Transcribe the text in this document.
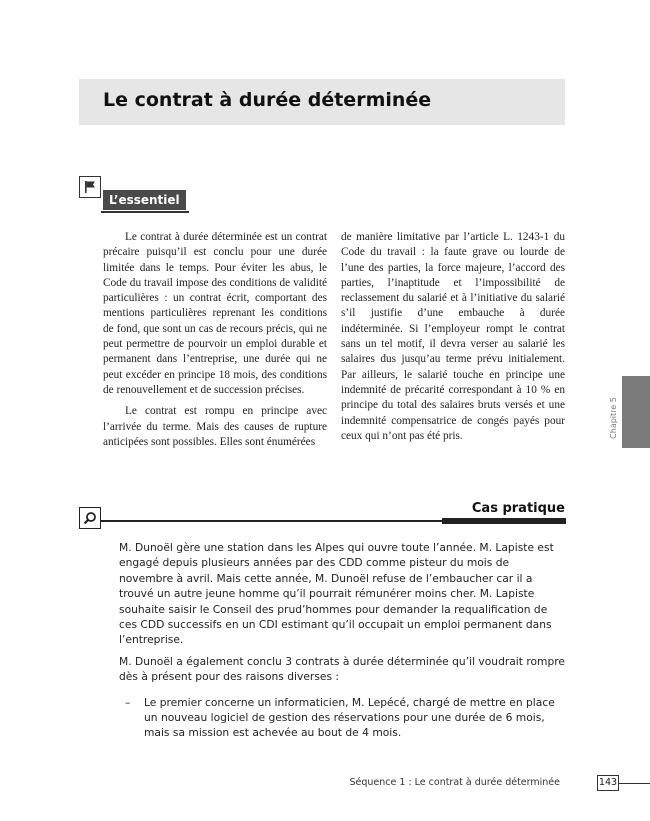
Le contrat à durée déterminée
L’essentiel

Le contrat à durée déterminée est un contrat précaire puisqu’il est conclu pour une durée limitée dans le temps. Pour éviter les abus, le Code du travail impose des conditions de validité particulières : un contrat écrit, comportant des mentions particulières reprenant les conditions de fond, que sont un cas de recours précis, qui ne peut permettre de pourvoir un emploi durable et permanent dans l’entreprise, une durée qui ne peut excéder en principe 18 mois, des conditions de renouvellement et de succession précises.

Le contrat est rompu en principe avec l’arrivée du terme. Mais des causes de rupture anticipées sont possibles. Elles sont énumérées

de manière limitative par l’article L. 1243-1 du Code du travail : la faute grave ou lourde de l’une des parties, la force majeure, l’accord des parties, l’inaptitude et l’impossibilité de reclassement du salarié et à l’initiative du salarié s’il justifie d’une embauche à durée indéterminée. Si l’employeur rompt le contrat sans un tel motif, il devra verser au salarié les salaires dus jusqu’au terme prévu initialement. Par ailleurs, le salarié touche en principe une indemnité de précarité correspondant à 10 % en principe du total des salaires bruts versés et une indemnité compensatrice de congés payés pour ceux qui n’ont pas été pris.	Chapitre 5
Cas pratique

M. Dunoël gère une station dans les Alpes qui ouvre toute l’année. M. Lapiste est engagé depuis plusieurs années par des CDD comme pisteur du mois de novembre à avril. Mais cette année, M. Dunoël refuse de l’embaucher car il a trouvé un autre jeune homme qu’il pourrait rémunérer moins cher. M. Lapiste souhaite saisir le Conseil des prud’hommes pour demander la requalification de ces CDD successifs en un CDI estimant qu’il occupait un emploi permanent dans l’entreprise.

M. Dunoël a également conclu 3 contrats à durée déterminée qu’il voudrait rompre dès à présent pour des raisons diverses :

–	Le premier concerne un informaticien, M. Lepécé, chargé de mettre en place un nouveau logiciel de gestion des réservations pour une durée de 6 mois, mais sa mission est achevée au bout de 4 mois.
Séquence 1 : Le contrat à durée déterminée	143
